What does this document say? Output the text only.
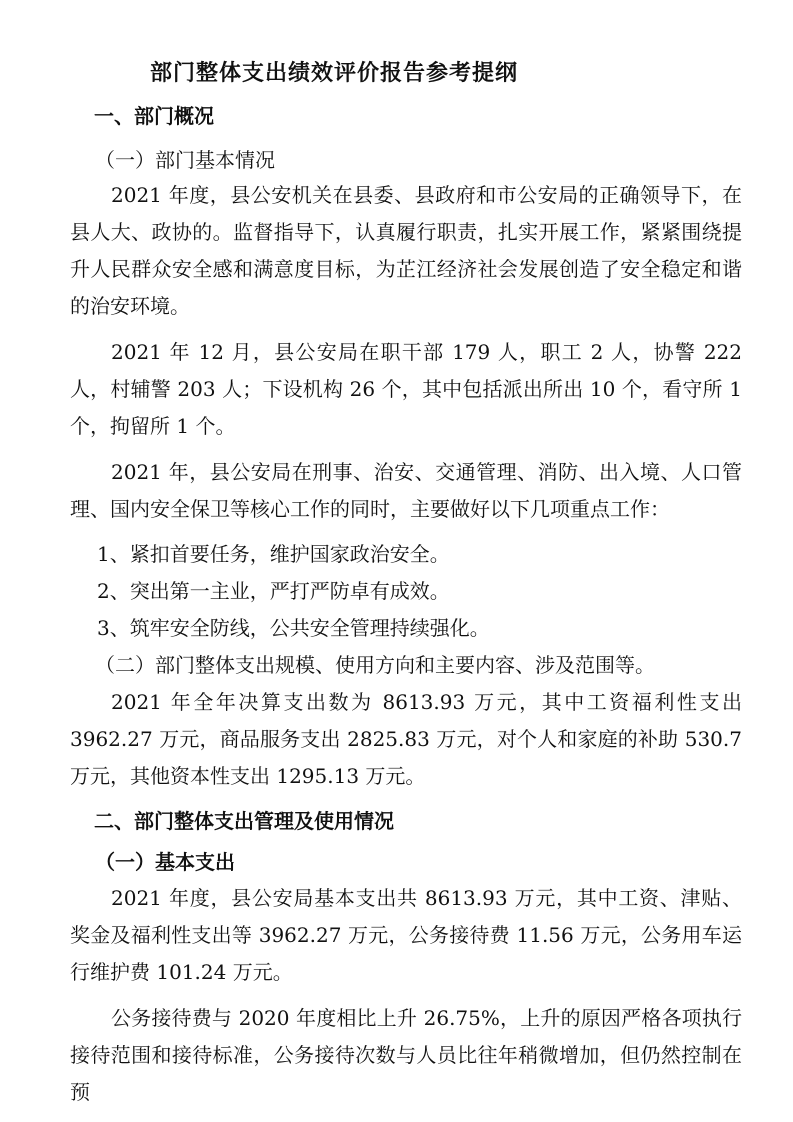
部门整体支出绩效评价报告参考提纲
一、部门概况
（一）部门基本情况
2021 年度，县公安机关在县委、县政府和市公安局的正确领导下，在县人大、政协的。监督指导下，认真履行职责，扎实开展工作，紧紧围绕提升人民群众安全感和满意度目标，为芷江经济社会发展创造了安全稳定和谐的治安环境。
2021 年 12 月，县公安局在职干部 179 人，职工 2 人，协警 222 人，村辅警 203 人；下设机构 26 个，其中包括派出所出 10 个，看守所 1 个，拘留所 1 个。
2021 年，县公安局在刑事、治安、交通管理、消防、出入境、人口管理、国内安全保卫等核心工作的同时，主要做好以下几项重点工作：
1、紧扣首要任务，维护国家政治安全。
2、突出第一主业，严打严防卓有成效。
3、筑牢安全防线，公共安全管理持续强化。
（二）部门整体支出规模、使用方向和主要内容、涉及范围等。
2021 年全年决算支出数为 8613.93 万元，其中工资福利性支出 3962.27 万元，商品服务支出 2825.83 万元，对个人和家庭的补助 530.7 万元，其他资本性支出 1295.13 万元。
二、部门整体支出管理及使用情况
（一）基本支出
2021 年度，县公安局基本支出共 8613.93 万元，其中工资、津贴、奖金及福利性支出等 3962.27 万元，公务接待费 11.56 万元，公务用车运行维护费 101.24 万元。
公务接待费与 2020 年度相比上升 26.75%，上升的原因严格各项执行接待范围和接待标准，公务接待次数与人员比往年稍微增加，但仍然控制在预
